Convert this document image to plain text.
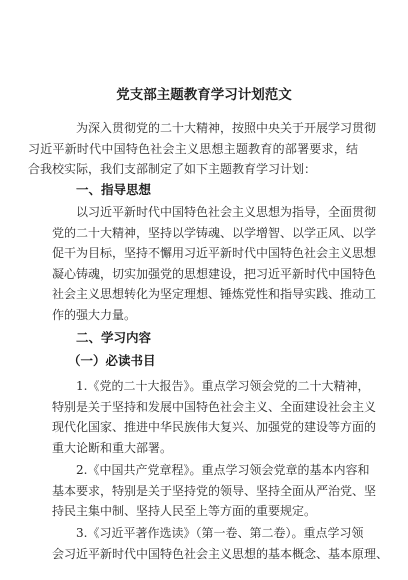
党支部主题教育学习计划范文
为深入贯彻党的二十大精神，按照中央关于开展学习贯彻
习近平新时代中国特色社会主义思想主题教育的部署要求，结
合我校实际，我们支部制定了如下主题教育学习计划：
一、指导思想
以习近平新时代中国特色社会主义思想为指导，全面贯彻
党的二十大精神，坚持以学铸魂、以学增智、以学正风、以学
促干为目标，坚持不懈用习近平新时代中国特色社会主义思想
凝心铸魂，切实加强党的思想建设，把习近平新时代中国特色
社会主义思想转化为坚定理想、锤炼党性和指导实践、推动工
作的强大力量。
二、学习内容
（一）必读书目
1.《党的二十大报告》。重点学习领会党的二十大精神，
特别是关于坚持和发展中国特色社会主义、全面建设社会主义
现代化国家、推进中华民族伟大复兴、加强党的建设等方面的
重大论断和重大部署。
2.《中国共产党章程》。重点学习领会党章的基本内容和
基本要求，特别是关于坚持党的领导、坚持全面从严治党、坚
持民主集中制、坚持人民至上等方面的重要规定。
3.《习近平著作选读》（第一卷、第二卷）。重点学习领
会习近平新时代中国特色社会主义思想的基本概念、基本原理、
